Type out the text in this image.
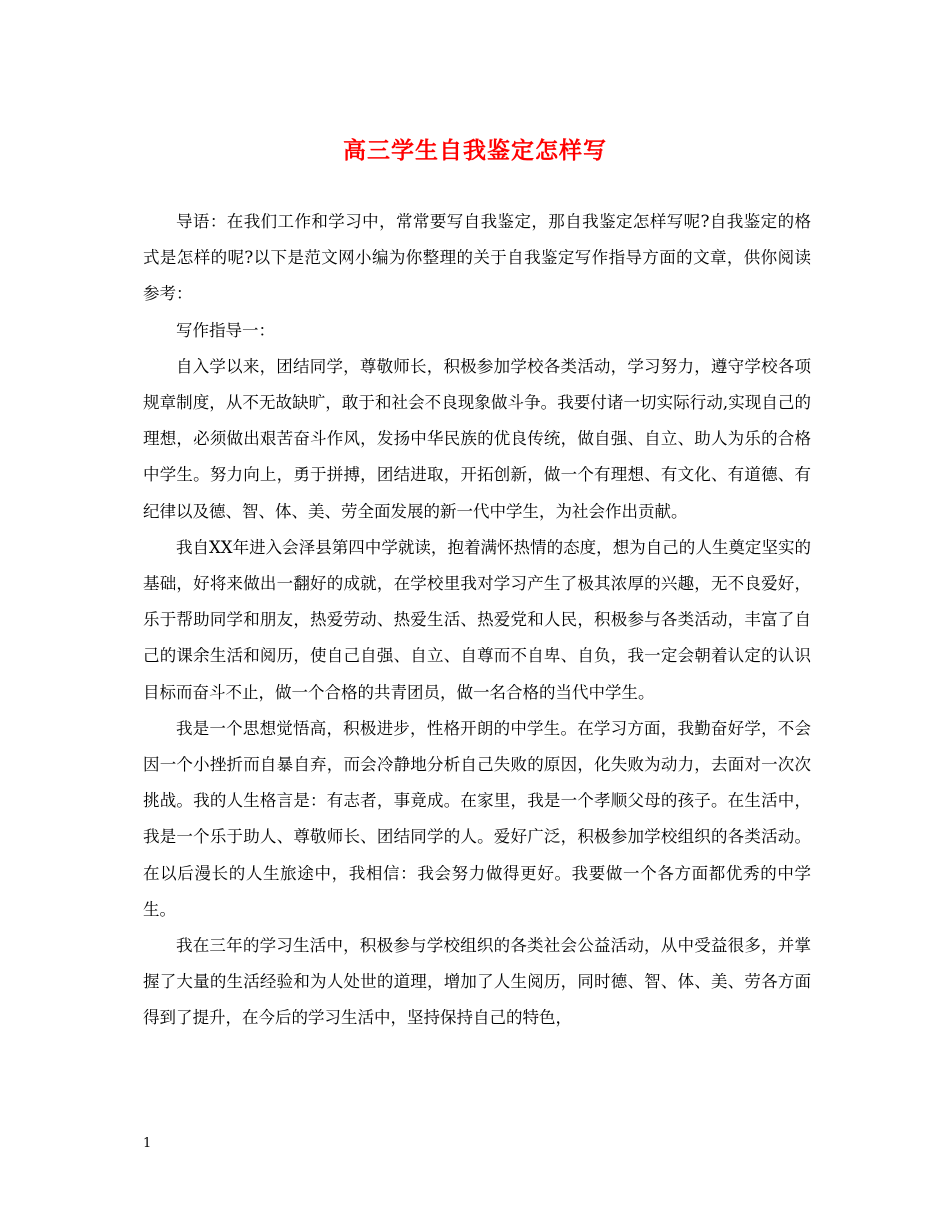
高三学生自我鉴定怎样写

导语：在我们工作和学习中，常常要写自我鉴定，那自我鉴定怎样写呢?自我鉴定的格式是怎样的呢?以下是范文网小编为你整理的关于自我鉴定写作指导方面的文章，供你阅读参考：

写作指导一：

自入学以来，团结同学，尊敬师长，积极参加学校各类活动，学习努力，遵守学校各项规章制度，从不无故缺旷，敢于和社会不良现象做斗争。我要付诸一切实际行动,实现自己的理想，必须做出艰苦奋斗作风，发扬中华民族的优良传统，做自强、自立、助人为乐的合格中学生。努力向上，勇于拼搏，团结进取，开拓创新，做一个有理想、有文化、有道德、有纪律以及德、智、体、美、劳全面发展的新一代中学生，为社会作出贡献。

我自XX年进入会泽县第四中学就读，抱着满怀热情的态度，想为自己的人生奠定坚实的基础，好将来做出一翻好的成就，在学校里我对学习产生了极其浓厚的兴趣，无不良爱好，乐于帮助同学和朋友，热爱劳动、热爱生活、热爱党和人民，积极参与各类活动，丰富了自己的课余生活和阅历，使自己自强、自立、自尊而不自卑、自负，我一定会朝着认定的认识目标而奋斗不止，做一个合格的共青团员，做一名合格的当代中学生。

我是一个思想觉悟高，积极进步，性格开朗的中学生。在学习方面，我勤奋好学，不会因一个小挫折而自暴自弃，而会冷静地分析自己失败的原因，化失败为动力，去面对一次次挑战。我的人生格言是：有志者，事竟成。在家里，我是一个孝顺父母的孩子。在生活中，我是一个乐于助人、尊敬师长、团结同学的人。爱好广泛，积极参加学校组织的各类活动。在以后漫长的人生旅途中，我相信：我会努力做得更好。我要做一个各方面都优秀的中学生。

我在三年的学习生活中，积极参与学校组织的各类社会公益活动，从中受益很多，并掌握了大量的生活经验和为人处世的道理，增加了人生阅历，同时德、智、体、美、劳各方面得到了提升，在今后的学习生活中，坚持保持自己的特色，

1
